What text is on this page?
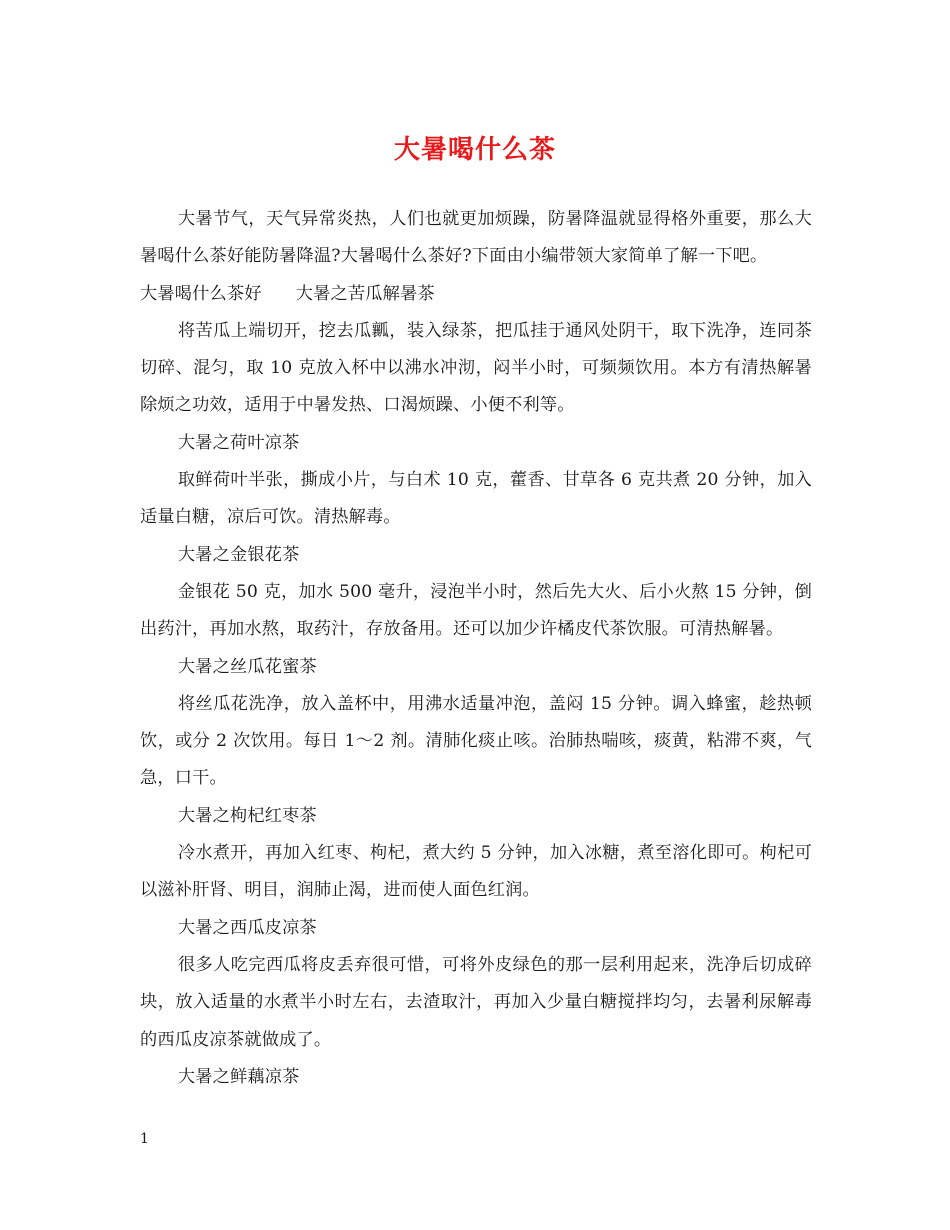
大暑喝什么茶

大暑节气，天气异常炎热，人们也就更加烦躁，防暑降温就显得格外重要，那么大暑喝什么茶好能防暑降温?大暑喝什么茶好?下面由小编带领大家简单了解一下吧。

大暑喝什么茶好 大暑之苦瓜解暑茶

将苦瓜上端切开，挖去瓜瓤，装入绿茶，把瓜挂于通风处阴干，取下洗净，连同茶切碎、混匀，取 10 克放入杯中以沸水冲沏，闷半小时，可频频饮用。本方有清热解暑除烦之功效，适用于中暑发热、口渴烦躁、小便不利等。

大暑之荷叶凉茶

取鲜荷叶半张，撕成小片，与白术 10 克，藿香、甘草各 6 克共煮 20 分钟，加入适量白糖，凉后可饮。清热解毒。

大暑之金银花茶

金银花 50 克，加水 500 毫升，浸泡半小时，然后先大火、后小火熬 15 分钟，倒出药汁，再加水熬，取药汁，存放备用。还可以加少许橘皮代茶饮服。可清热解暑。

大暑之丝瓜花蜜茶

将丝瓜花洗净，放入盖杯中，用沸水适量冲泡，盖闷 15 分钟。调入蜂蜜，趁热顿饮，或分 2 次饮用。每日 1～2 剂。清肺化痰止咳。治肺热喘咳，痰黄，粘滞不爽，气急，口干。

大暑之枸杞红枣茶

冷水煮开，再加入红枣、枸杞，煮大约 5 分钟，加入冰糖，煮至溶化即可。枸杞可以滋补肝肾、明目，润肺止渴，进而使人面色红润。

大暑之西瓜皮凉茶

很多人吃完西瓜将皮丢弃很可惜，可将外皮绿色的那一层利用起来，洗净后切成碎块，放入适量的水煮半小时左右，去渣取汁，再加入少量白糖搅拌均匀，去暑利尿解毒的西瓜皮凉茶就做成了。

大暑之鲜藕凉茶

1
